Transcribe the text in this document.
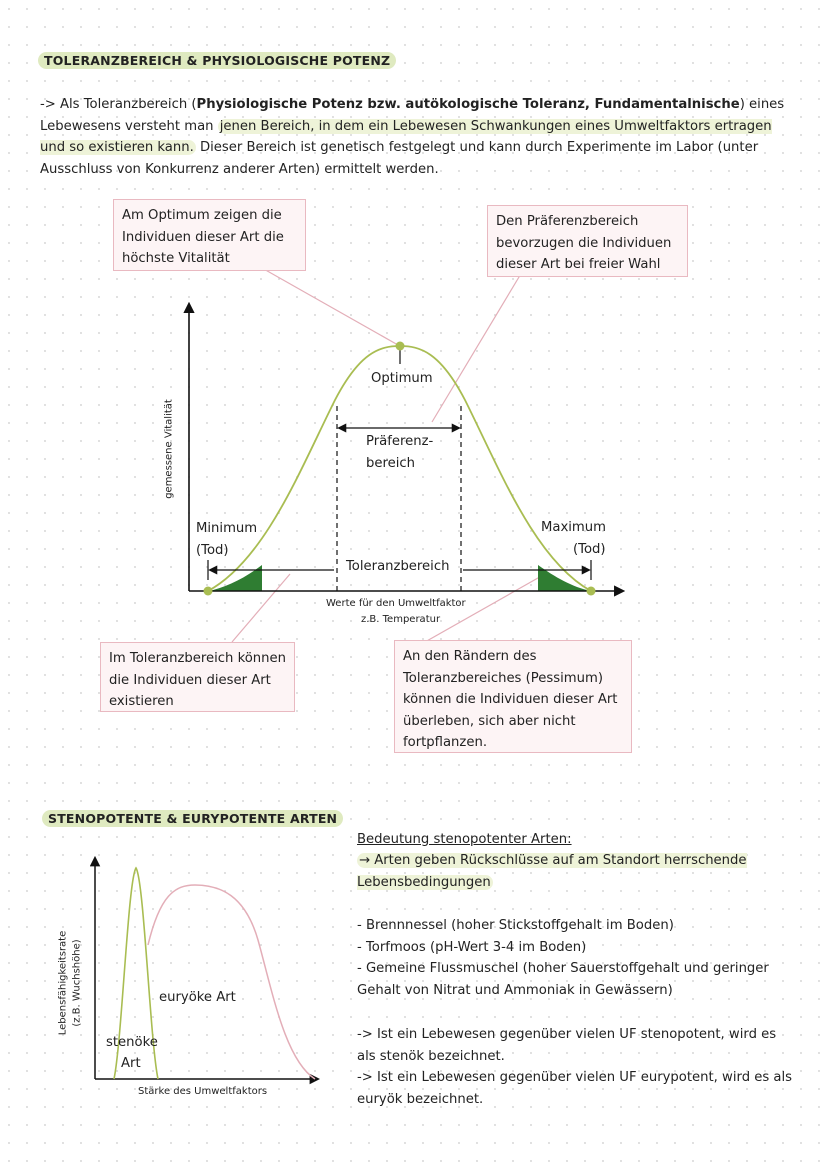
TOLERANZBEREICH & PHYSIOLOGISCHE POTENZ
-> Als Toleranzbereich (Physiologische Potenz bzw. autökologische Toleranz, Fundamentalnische) eines Lebewesens versteht man jenen Bereich, in dem ein Lebewesen Schwankungen eines Umweltfaktors ertragen und so existieren kann. Dieser Bereich ist genetisch festgelegt und kann durch Experimente im Labor (unter Ausschluss von Konkurrenz anderer Arten) ermittelt werden.
Am Optimum zeigen die Individuen dieser Art die höchste Vitalität
Den Präferenzbereich bevorzugen die Individuen dieser Art bei freier Wahl
Im Toleranzbereich können die Individuen dieser Art existieren
An den Rändern des Toleranzbereiches (Pessimum) können die Individuen dieser Art überleben, sich aber nicht fortpflanzen.
gemessene Vitalität
Optimum
Präferenz-
bereich
Minimum
(Tod)
Maximum
(Tod)
Toleranzbereich
Werte für den Umweltfaktor
z.B. Temperatur
STENOPOTENTE & EURYPOTENTE ARTEN
Lebensfähigkeitsrate (z.B. Wuchshöhe)	euryöke Art
stenöke
Art
Stärke des Umweltfaktors
Bedeutung stenopotenter Arten:
→ Arten geben Rückschlüsse auf am Standort herrschende Lebensbedingungen
- Brennnessel (hoher Stickstoffgehalt im Boden)
- Torfmoos (pH-Wert 3-4 im Boden)
- Gemeine Flussmuschel (hoher Sauerstoffgehalt und geringer Gehalt von Nitrat und Ammoniak in Gewässern)
-> Ist ein Lebewesen gegenüber vielen UF stenopotent, wird es als stenök bezeichnet.
-> Ist ein Lebewesen gegenüber vielen UF eurypotent, wird es als euryök bezeichnet.
